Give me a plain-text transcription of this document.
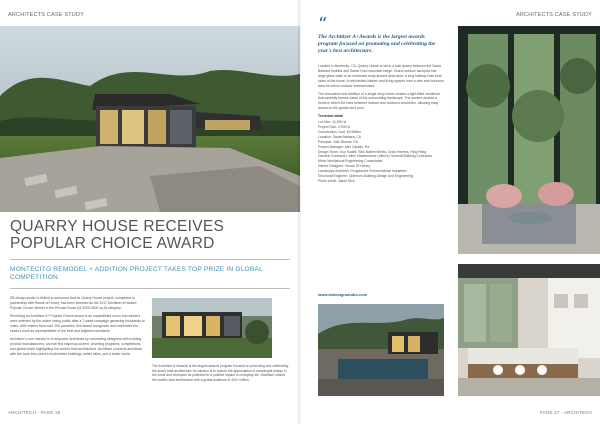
ARCHITECTS CASE STUDY
QUARRY HOUSE RECEIVES POPULAR CHOICE AWARD
MONTECITO REMODEL + ADDITION PROJECT TAKES TOP PRIZE IN GLOBAL COMPETITION

SB design studio is thrilled to announce that its Quarry House project, completed in partnership with House of Honey, has been selected as the 2017 Architizer A+Award Popular Choice Winner in the Private House (M 2000-4000 sq ft) category.

Receiving an Architizer A+ Popular Choice award is an unparalleled honor and winners were selected by the online voting public after a 7-week campaign garnering thousands of votes. With entries from over 100 countries, this award recognizes and celebrates the studio's work as representative of the best and brightest worldwide.

Architizer's core mission is to empower Architects by connecting designers with building product manufacturers, and we find inspiring content, unveiling programs, competitions, and global reach highlighting the world's best architecture. Architizer connects architects with the tools they need to build better buildings, better cities, and a better world.

The Architizer A+Awards is the largest awards program focused on promoting and celebrating the year's best architecture. Its mission is to nurture the appreciation of meaningful design in the world and champion its potential for a positive impact on everyday life. Architizer shared the world's best architecture with a global audience of 400+ million.
ARCHITECH - PAGE 26
ARCHITECTS CASE STUDY
“
The Architizer A+Awards is the largest awards program focused on promoting and celebrating the year's best architecture.

Located in Montecito, CA, Quarry House is set in a lush quarry between the Santa Barbara foothills and Santa Ynez mountain range. Grand outdoor canopies link large glass walls to an enhanced wrap-around deck area. A long hallway links both sides of the home. A refurbished kitchen and living spaces form a new and luxurious area for indoor-outdoor entertainment.

The renovation and addition of a single story home creates a light-filled residence that carefully frames views of the surrounding landscape. The owners desired a home in which the lines between indoors and outdoors would blur, allowing easy access to the garden and pool.

Technical detail
Lot Size: 41,500 sf
Project Size: 2,900 sf
Construction Cost: $3 Million
Location: Santa Barbara, CA
Principal: Josh Blumer, Ra
Project Manager: Alex Gaudin, Ra
Design Team: Guy Kudell, Ravi Baheri Mehta, Graci Herrera, Hing Pang
General Contractor: Allen Maintenance (Allen's) General Building Contractor
Mech Mechanical Engineering Consultants
Interior Designer: House Of Honey
Landscape Architect: Progressive Environmental Industries
Structural Engineer: Optimum Building Design And Engineering
Photo credit: Jason Rick
www.sbdesignstudio.com
PAGE 27 - ARCHITECH
